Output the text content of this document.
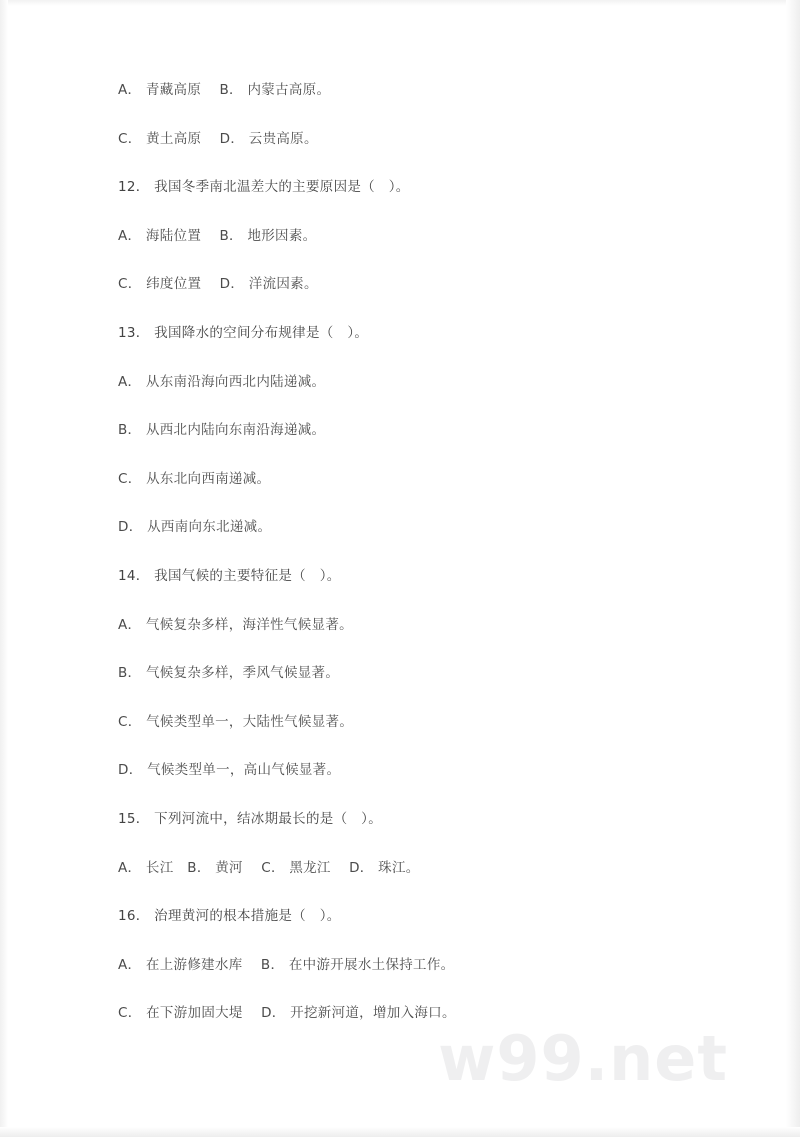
A． 青藏高原    B． 内蒙古高原。

C． 黄土高原    D． 云贵高原。

12． 我国冬季南北温差大的主要原因是（   ）。

A． 海陆位置    B． 地形因素。

C． 纬度位置    D． 洋流因素。

13． 我国降水的空间分布规律是（   ）。

A． 从东南沿海向西北内陆递减。

B． 从西北内陆向东南沿海递减。

C． 从东北向西南递减。

D． 从西南向东北递减。

14． 我国气候的主要特征是（   ）。

A． 气候复杂多样，海洋性气候显著。

B． 气候复杂多样，季风气候显著。

C． 气候类型单一，大陆性气候显著。

D． 气候类型单一，高山气候显著。

15． 下列河流中，结冰期最长的是（   ）。

A． 长江   B． 黄河    C． 黑龙江    D． 珠江。

16． 治理黄河的根本措施是（   ）。

A． 在上游修建水库    B． 在中游开展水土保持工作。

C． 在下游加固大堤    D． 开挖新河道，增加入海口。

w99.net
